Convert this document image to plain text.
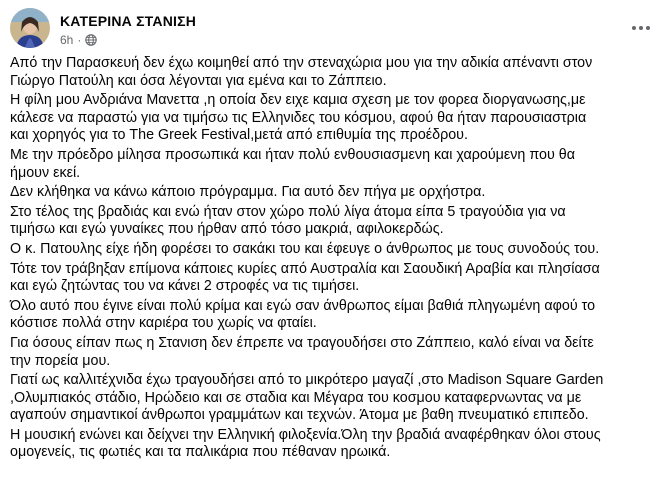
ΚΑΤΕΡΙΝΑ ΣΤΑΝΙΣΗ
6h ·
Από την Παρασκευή δεν έχω κοιμηθεί από την στεναχώρια μου για την αδικία απέναντι στον
Γιώργο Πατούλη και όσα λέγονται για εμένα και το Ζάππειο.
Η φίλη μου Ανδριάνα Μανεττα ,η οποία δεν ειχε καμια σχεση με τον φορεα διοργανωσης,με
κάλεσε να παραστώ για να τιμήσω τις Ελληνιδες του κόσμου, αφού θα ήταν παρουσιαστρια
και χορηγός για το The Greek Festival,μετά από επιθυμία της προέδρου.
Με την πρόεδρο μίλησα προσωπικά και ήταν πολύ ενθουσιασμενη και χαρούμενη που θα
ήμουν εκεί.
Δεν κλήθηκα να κάνω κάποιο πρόγραμμα. Για αυτό δεν πήγα με ορχήστρα.
Στο τέλος της βραδιάς και ενώ ήταν στον χώρο πολύ λίγα άτομα είπα 5 τραγούδια για να
τιμήσω και εγώ γυναίκες που ήρθαν από τόσο μακριά, αφιλοκερδώς.
Ο κ. Πατουλης είχε ήδη φορέσει το σακάκι του και έφευγε ο άνθρωπος με τους συνοδούς του.
Τότε τον τράβηξαν επίμονα κάποιες κυρίες από Αυστραλία και Σαουδική Αραβία και πλησίασα
και εγώ ζητώντας του να κάνει 2 στροφές να τις τιμήσει.
Όλο αυτό που έγινε είναι πολύ κρίμα και εγώ σαν άνθρωπος είμαι βαθιά πληγωμένη αφού το
κόστισε πολλά στην καριέρα του χωρίς να φταίει.
Για όσους είπαν πως η Στανιση δεν έπρεπε να τραγουδήσει στο Ζάππειο, καλό είναι να δείτε
την πορεία μου.
Γιατί ως καλλιτέχνιδα έχω τραγουδήσει από το μικρότερο μαγαζί ,στο Madison Square Garden
,Ολυμπιακός στάδιο, Ηρώδειο και σε σταδια και Μέγαρα του κοσμου καταφερνωντας να με
αγαπούν σημαντικοί άνθρωποι γραμμάτων και τεχνών. Άτομα με βαθη πνευματικό επιπεδο.
Η μουσική ενώνει και δείχνει την Ελληνική φιλοξενία.Όλη την βραδιά αναφέρθηκαν όλοι στους
ομογενείς, τις φωτιές και τα παλικάρια που πέθαναν ηρωικά.
